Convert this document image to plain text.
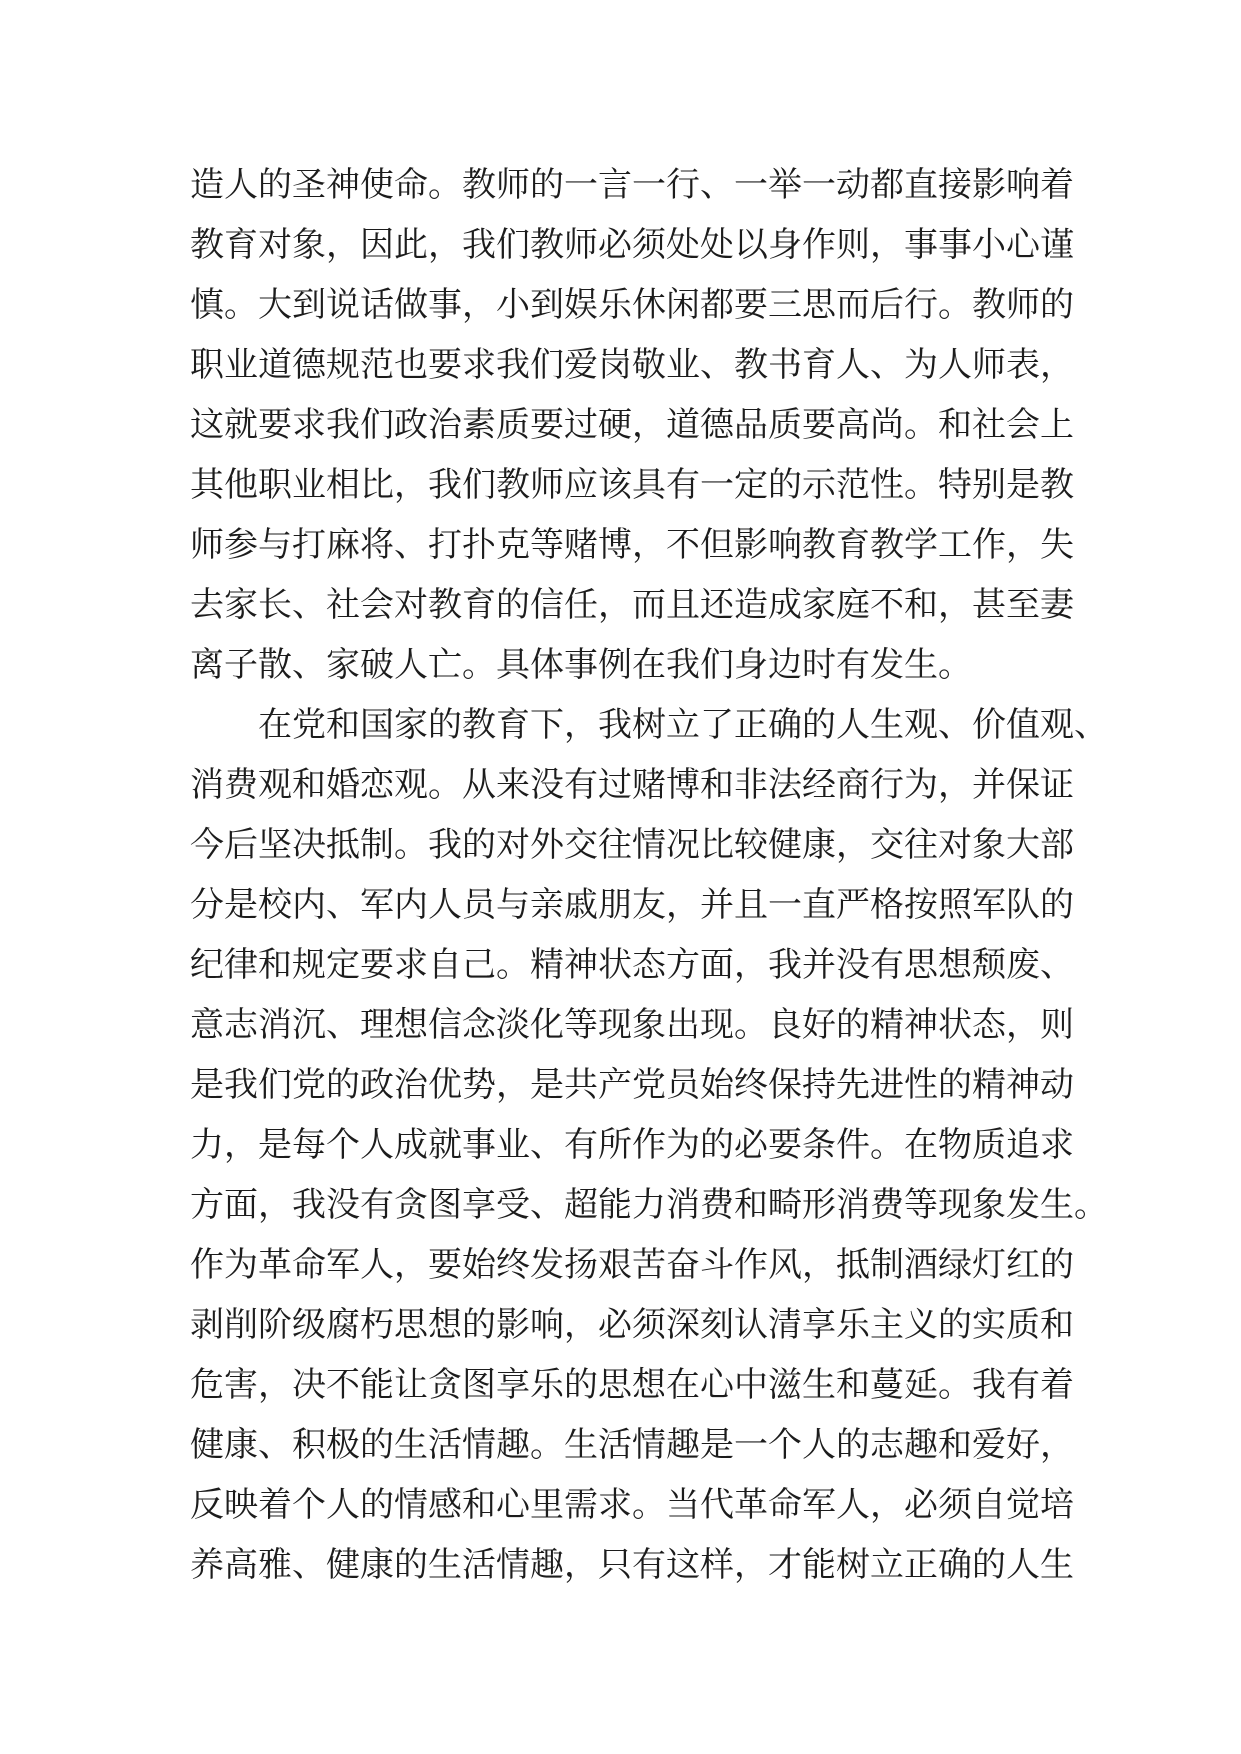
造人的圣神使命。教师的一言一行、一举一动都直接影响着
教育对象，因此，我们教师必须处处以身作则，事事小心谨
慎。大到说话做事，小到娱乐休闲都要三思而后行。教师的
职业道德规范也要求我们爱岗敬业、教书育人、为人师表，
这就要求我们政治素质要过硬，道德品质要高尚。和社会上
其他职业相比，我们教师应该具有一定的示范性。特别是教
师参与打麻将、打扑克等赌博，不但影响教育教学工作，失
去家长、社会对教育的信任，而且还造成家庭不和，甚至妻
离子散、家破人亡。具体事例在我们身边时有发生。
在党和国家的教育下，我树立了正确的人生观、价值观、
消费观和婚恋观。从来没有过赌博和非法经商行为，并保证
今后坚决抵制。我的对外交往情况比较健康，交往对象大部
分是校内、军内人员与亲戚朋友，并且一直严格按照军队的
纪律和规定要求自己。精神状态方面，我并没有思想颓废、
意志消沉、理想信念淡化等现象出现。良好的精神状态，则
是我们党的政治优势，是共产党员始终保持先进性的精神动
力，是每个人成就事业、有所作为的必要条件。在物质追求
方面，我没有贪图享受、超能力消费和畸形消费等现象发生。
作为革命军人，要始终发扬艰苦奋斗作风，抵制酒绿灯红的
剥削阶级腐朽思想的影响，必须深刻认清享乐主义的实质和
危害，决不能让贪图享乐的思想在心中滋生和蔓延。我有着
健康、积极的生活情趣。生活情趣是一个人的志趣和爱好，
反映着个人的情感和心里需求。当代革命军人，必须自觉培
养高雅、健康的生活情趣，只有这样，才能树立正确的人生
